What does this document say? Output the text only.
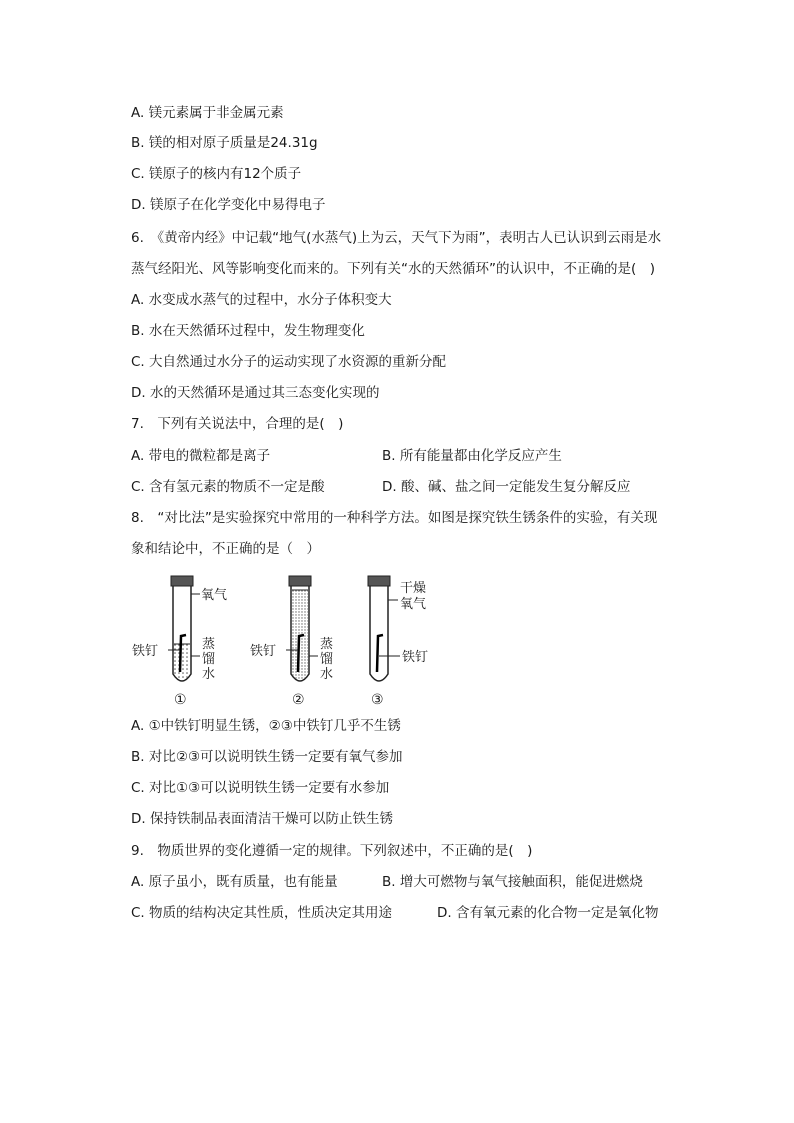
A. 镁元素属于非金属元素
B. 镁的相对原子质量是24.31g
C. 镁原子的核内有12个质子
D. 镁原子在化学变化中易得电子
6.　《黄帝内经》中记载“地气(水蒸气)上为云，天气下为雨”，表明古人已认识到云雨是水
蒸气经阳光、风等影响变化而来的。下列有关“水的天然循环”的认识中，不正确的是(　)
A. 水变成水蒸气的过程中，水分子体积变大
B. 水在天然循环过程中，发生物理变化
C. 大自然通过水分子的运动实现了水资源的重新分配
D. 水的天然循环是通过其三态变化实现的
7.　下列有关说法中，合理的是(　)
A. 带电的微粒都是离子	B. 所有能量都由化学反应产生
C. 含有氢元素的物质不一定是酸	D. 酸、碱、盐之间一定能发生复分解反应
8.　“对比法”是实验探究中常用的一种科学方法。如图是探究铁生锈条件的实验，有关现
象和结论中，不正确的是（　）
氧气
铁钉	蒸
馏
水
①
铁钉	蒸
馏
水
②
干燥
氧气
铁钉
③
A. ①中铁钉明显生锈，②③中铁钉几乎不生锈
B. 对比②③可以说明铁生锈一定要有氧气参加
C. 对比①③可以说明铁生锈一定要有水参加
D. 保持铁制品表面清洁干燥可以防止铁生锈
9.　物质世界的变化遵循一定的规律。下列叙述中，不正确的是(　)
A. 原子虽小，既有质量，也有能量	B. 增大可燃物与氧气接触面积，能促进燃烧
C. 物质的结构决定其性质，性质决定其用途	D. 含有氧元素的化合物一定是氧化物
